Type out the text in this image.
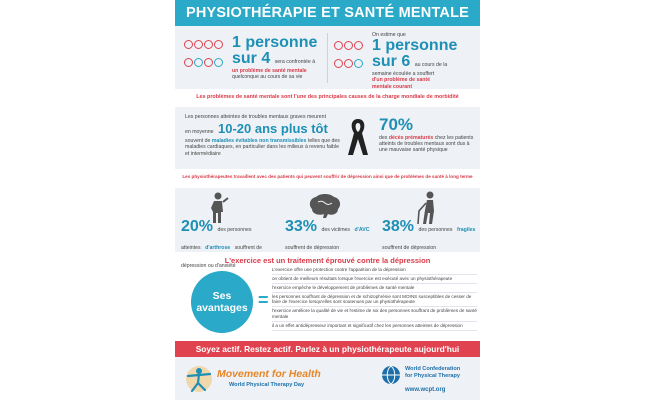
PHYSIOTHÉRAPIE ET SANTÉ MENTALE

1 personne
sur 4 sera confrontée à
un problème de santé mentale
quelconque au cours de sa vie

On estime que
1 personne
sur 6 au cours de la
semaine écoulée a souffert
d'un problème de santé
mentale courant
Les problèmes de santé mentale sont l'une des principales causes de la charge mondiale de morbidité
Les personnes atteintes de troubles mentaux graves meurent
en moyenne 10-20 ans plus tôt
souvent de maladies évitables non transmissibles telles que des maladies cardiaques, en particulier dans les milieux à revenu faible et intermédiaire
70%
des décès prématurés chez les patients atteints de troubles mentaux sont dus à une mauvaise santé physique
Les physiothérapeutes travaillent avec des patients qui peuvent souffrir de dépression ainsi que de problèmes de santé à long terme
20% des personnes atteintes d'arthrose souffrent de dépression ou d'anxiété
33% des victimes d'AVC souffrent de dépression
38% des personnes fragiles souffrent de dépression
L'exercice est un traitement éprouvé contre la dépression
Ses
avantages =
L'exercice offre une protection contre l'apparition de la dépression
on obtient de meilleurs résultats lorsque l'exercice est exécuté avec un physiothérapeute
l'exercice empêche le développement de problèmes de santé mentale
les personnes souffrant de dépression et de schizophrénie sont MOINS susceptibles de cesser de faire de l'exercice lorsqu'elles sont soutenues par un physiothérapeute
l'exercice améliore la qualité de vie et l'estime de soi des personnes souffrant de problèmes de santé mentale
il a un effet antidépresseur important et significatif chez les personnes atteintes de dépression
Soyez actif. Restez actif. Parlez à un physiothérapeute aujourd'hui
Movement for Health
World Physical Therapy Day
World Confederation
for Physical Therapy
www.wcpt.org
